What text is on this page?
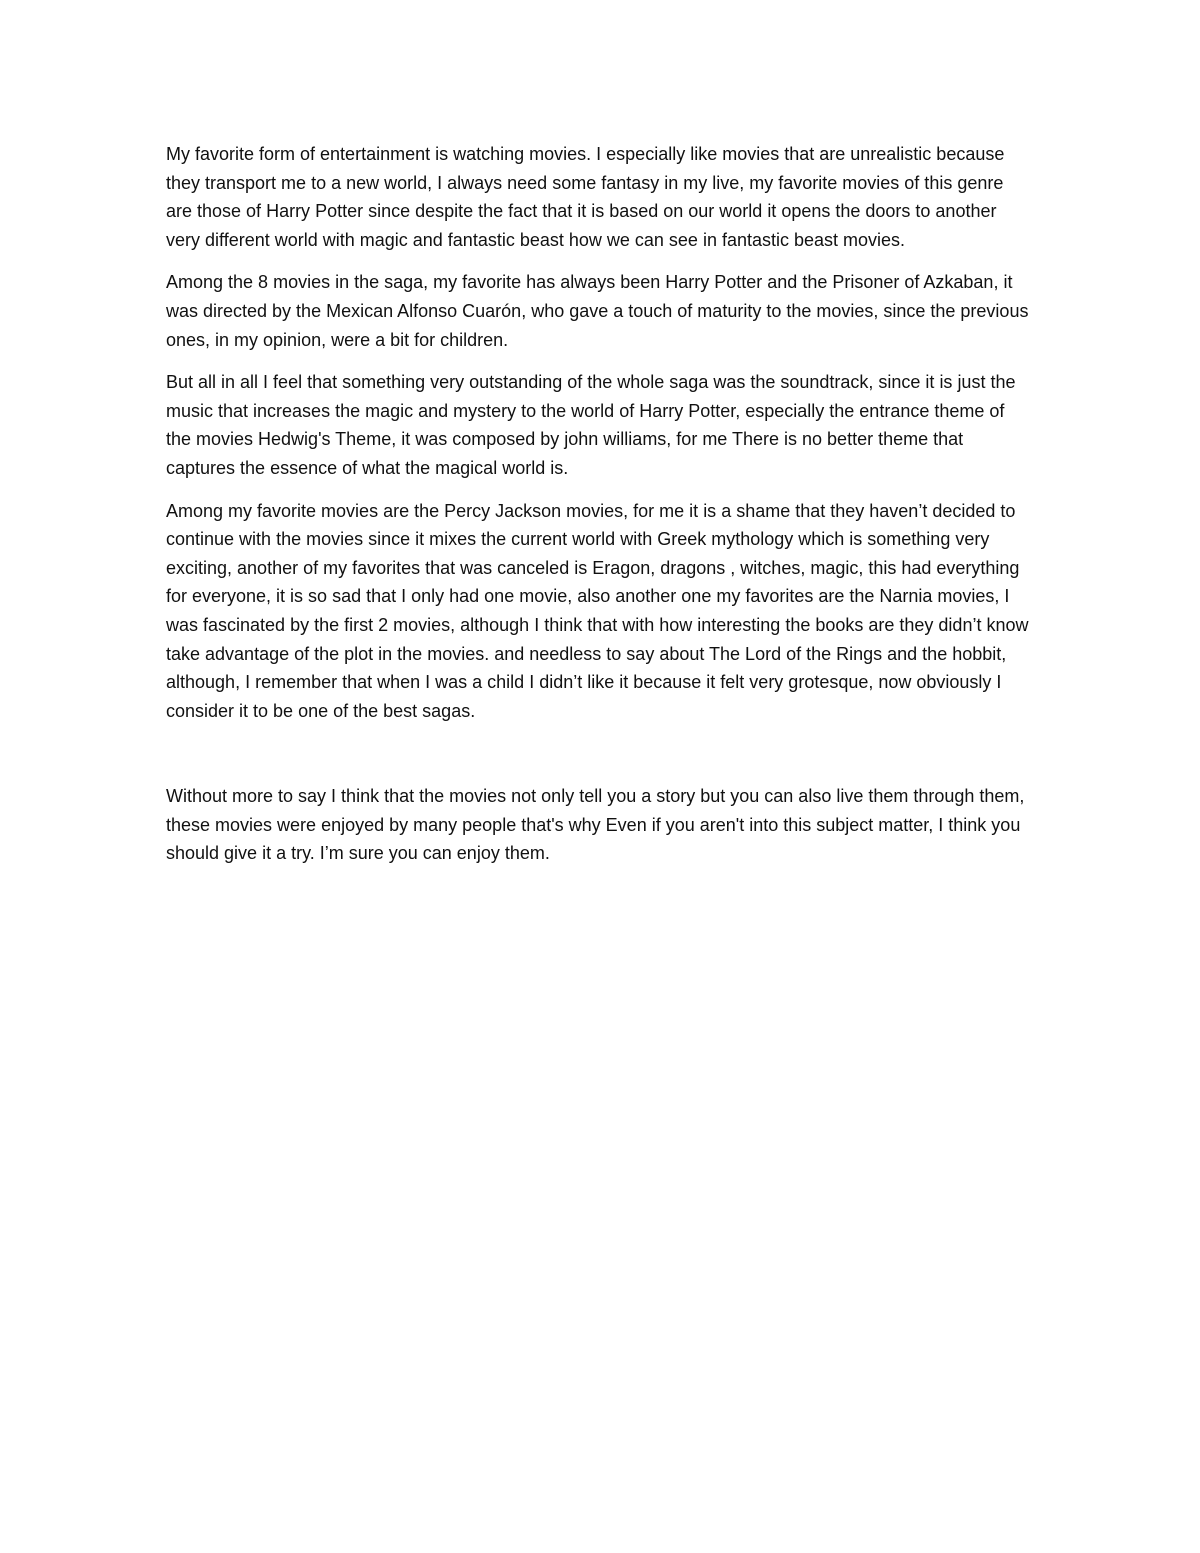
My favorite form of entertainment is watching movies. I especially like movies that are unrealistic because they transport me to a new world, I always need some fantasy in my live, my favorite movies of this genre are those of Harry Potter since despite the fact that it is based on our world it opens the doors to another very different world with magic and fantastic beast how we can see in fantastic beast movies.

Among the 8 movies in the saga, my favorite has always been Harry Potter and the Prisoner of Azkaban, it was directed by the Mexican Alfonso Cuarón, who gave a touch of maturity to the movies, since the previous ones, in my opinion, were a bit for children.

But all in all I feel that something very outstanding of the whole saga was the soundtrack, since it is just the music that increases the magic and mystery to the world of Harry Potter, especially the entrance theme of the movies Hedwig's Theme, it was composed by john williams, for me There is no better theme that captures the essence of what the magical world is.

Among my favorite movies are the Percy Jackson movies, for me it is a shame that they haven’t decided to continue with the movies since it mixes the current world with Greek mythology which is something very exciting, another of my favorites that was canceled is Eragon, dragons , witches, magic, this had everything for everyone, it is so sad that I only had one movie, also another one my favorites are the Narnia movies, I was fascinated by the first 2 movies, although I think that with how interesting the books are they didn’t know take advantage of the plot in the movies. and needless to say about The Lord of the Rings and the hobbit, although, I remember that when I was a child I didn’t like it because it felt very grotesque, now obviously I consider it to be one of the best sagas.

Without more to say I think that the movies not only tell you a story but you can also live them through them, these movies were enjoyed by many people that's why Even if you aren't into this subject matter, I think you should give it a try. I’m sure you can enjoy them.
